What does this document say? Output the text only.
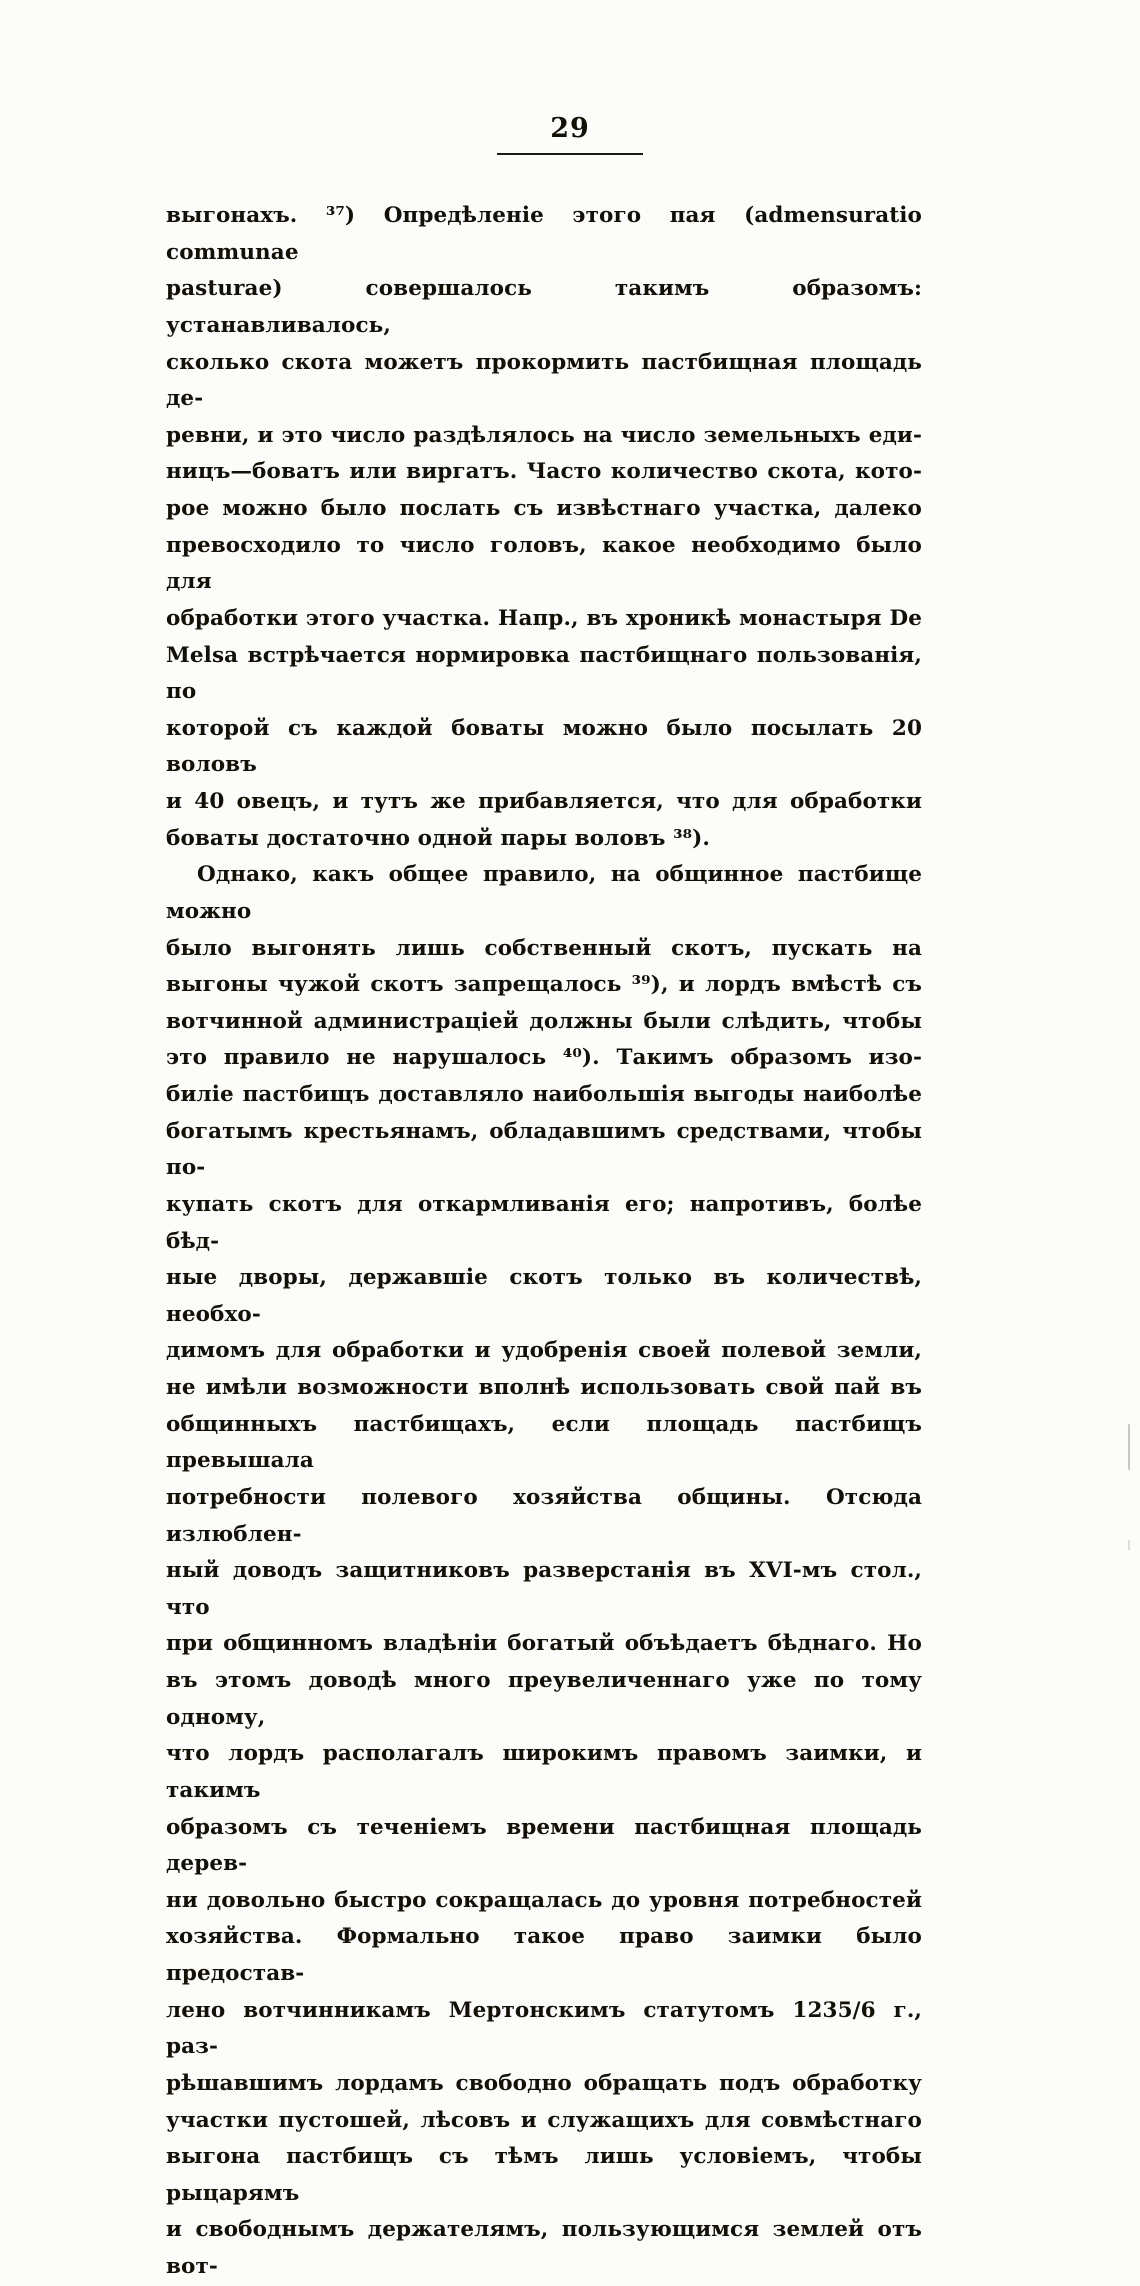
29
выгонахъ. ³⁷) Опредѣленіе этого пая (admensuratio communae
pasturae) совершалось такимъ образомъ: устанавливалось,
сколько скота можетъ прокормить пастбищная площадь де-
ревни, и это число раздѣлялось на число земельныхъ еди-
ницъ—боватъ или виргатъ. Часто количество скота, кото-
рое можно было послать съ извѣстнаго участка, далеко
превосходило то число головъ, какое необходимо было для
обработки этого участка. Напр., въ хроникѣ монастыря De
Melsa встрѣчается нормировка пастбищнаго пользованія, по
которой съ каждой боваты можно было посылать 20 воловъ
и 40 овецъ, и тутъ же прибавляется, что для обработки
боваты достаточно одной пары воловъ ³⁸).
Однако, какъ общее правило, на общинное пастбище можно
было выгонять лишь собственный скотъ, пускать на
выгоны чужой скотъ запрещалось ³⁹), и лордъ вмѣстѣ съ
вотчинной администраціей должны были слѣдить, чтобы
это правило не нарушалось ⁴⁰). Такимъ образомъ изо-
биліе пастбищъ доставляло наибольшія выгоды наиболѣе
богатымъ крестьянамъ, обладавшимъ средствами, чтобы по-
купать скотъ для откармливанія его; напротивъ, болѣе бѣд-
ные дворы, державшіе скотъ только въ количествѣ, необхо-
димомъ для обработки и удобренія своей полевой земли,
не имѣли возможности вполнѣ использовать свой пай въ
общинныхъ пастбищахъ, если площадь пастбищъ превышала
потребности полевого хозяйства общины. Отсюда излюблен-
ный доводъ защитниковъ разверстанія въ XVI-мъ стол., что
при общинномъ владѣніи богатый объѣдаетъ бѣднаго. Но
въ этомъ доводѣ много преувеличеннаго уже по тому одному,
что лордъ располагалъ широкимъ правомъ заимки, и такимъ
образомъ съ теченіемъ времени пастбищная площадь дерев-
ни довольно быстро сокращалась до уровня потребностей
хозяйства. Формально такое право заимки было предостав-
лено вотчинникамъ Мертонскимъ статутомъ 1235/6 г., раз-
рѣшавшимъ лордамъ свободно обращать подъ обработку
участки пустошей, лѣсовъ и служащихъ для совмѣстнаго
выгона пастбищъ съ тѣмъ лишь условіемъ, чтобы рыцарямъ
и свободнымъ держателямъ, пользующимся землей отъ вот-
